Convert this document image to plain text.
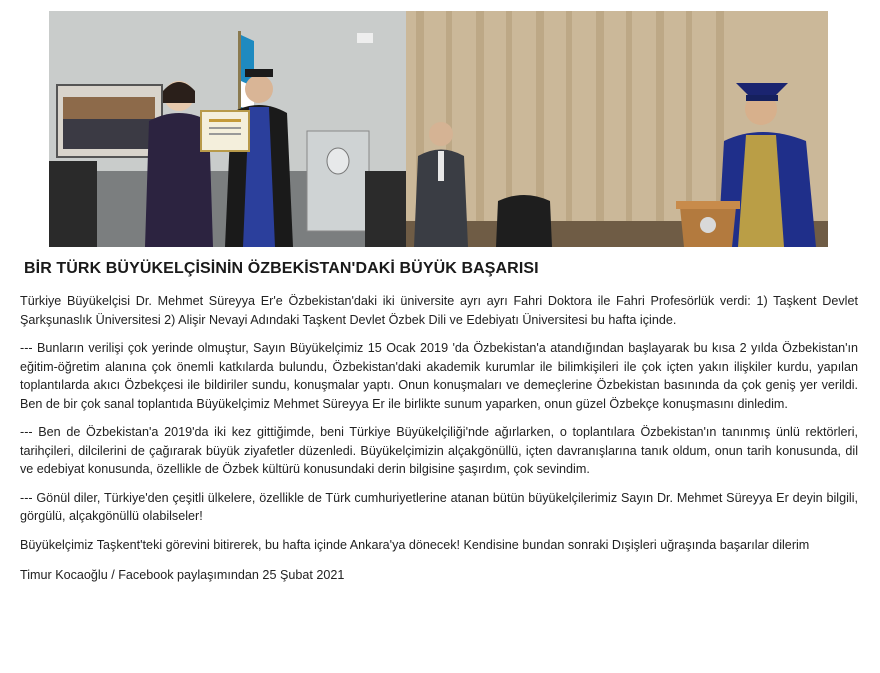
BİR TÜRK BÜYÜKELÇİSİNİN ÖZBEKİSTAN'DAKİ BÜYÜK BAŞARISI

Türkiye Büyükelçisi Dr. Mehmet Süreyya Er'e Özbekistan'daki iki üniversite ayrı ayrı Fahri Doktora ile Fahri Profesörlük verdi: 1) Taşkent Devlet Şarkşunaslık Üniversitesi 2) Alişir Nevayi Adındaki Taşkent Devlet Özbek Dili ve Edebiyatı Üniversitesi bu hafta içinde.

--- Bunların verilişi çok yerinde olmuştur, Sayın Büyükelçimiz 15 Ocak 2019 'da Özbekistan'a atandığından başlayarak bu kısa 2 yılda Özbekistan'ın eğitim-öğretim alanına çok önemli katkılarda bulundu, Özbekistan'daki akademik kurumlar ile bilimkişileri ile çok içten yakın ilişkiler kurdu, yapılan toplantılarda akıcı Özbekçesi ile bildiriler sundu, konuşmalar yaptı. Onun konuşmaları ve demeçlerine Özbekistan basınında da çok geniş yer verildi. Ben de bir çok sanal toplantıda Büyükelçimiz Mehmet Süreyya Er ile birlikte sunum yaparken, onun güzel Özbekçe konuşmasını dinledim.

--- Ben de Özbekistan'a 2019'da iki kez gittiğimde, beni Türkiye Büyükelçiliği'nde ağırlarken, o toplantılara Özbekistan'ın tanınmış ünlü rektörleri, tarihçileri, dilcilerini de çağırarak büyük ziyafetler düzenledi. Büyükelçimizin alçakgönüllü, içten davranışlarına tanık oldum, onun tarih konusunda, dil ve edebiyat konusunda, özellikle de Özbek kültürü konusundaki derin bilgisine şaşırdım, çok sevindim.

--- Gönül diler, Türkiye'den çeşitli ülkelere, özellikle de Türk cumhuriyetlerine atanan bütün büyükelçilerimiz Sayın Dr. Mehmet Süreyya Er deyin bilgili, görgülü, alçakgönüllü olabilseler!

Büyükelçimiz Taşkent'teki görevini bitirerek, bu hafta içinde Ankara'ya dönecek! Kendisine bundan sonraki Dışişleri uğraşında başarılar dilerim

Timur Kocaoğlu / Facebook paylaşımından 25 Şubat 2021
